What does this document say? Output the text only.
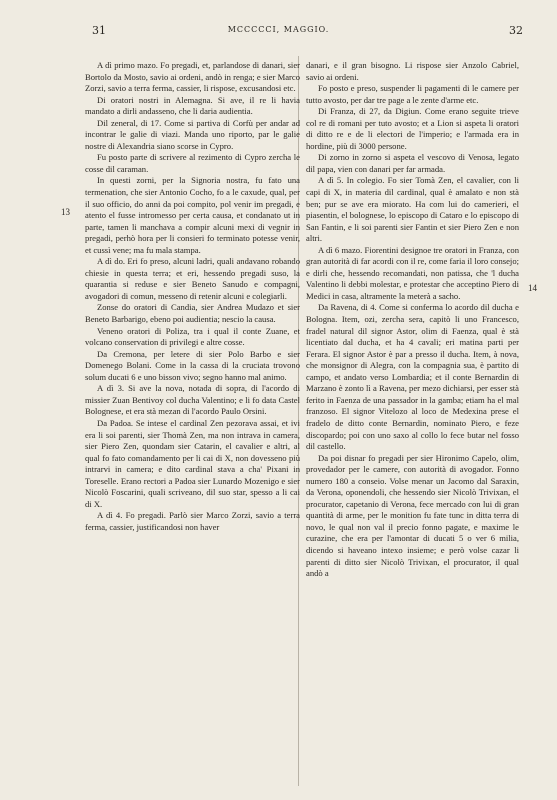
31	MCCCCCI, MAGGIO.	32
13
14

A dì primo mazo. Fo pregadi, et, parlandose di danari, sier Bortolo da Mosto, savio ai ordeni, andò in renga; e sier Marco Zorzi, savio a terra ferma, cassier, li rispose, excusandosi etc.

Di oratori nostri in Alemagna. Si ave, il re li havia mandato a dirli andasseno, che li daria audientia.

Dil zeneral, di 17. Come si partiva di Corfù per andar ad incontrar le galie di viazi. Manda uno riporto, par le galie nostre di Alexandria siano scorse in Cypro.

Fu posto parte di scrivere al rezimento di Cypro zercha le cosse dil caraman.

In questi zorni, per la Signoria nostra, fu fato una termenation, che sier Antonio Cocho, fo a le caxude, qual, per il suo officio, do anni da poi compito, pol venir im pregadi, e atento el fusse intromesso per certa causa, et condanato ut in parte, tamen li manchava a compir alcuni mexi di vegnir in pregadi, perhò hora per li consieri fo terminato potesse venir, et cussì vene; ma fu mala stampa.

A dì do. Eri fo preso, alcuni ladri, quali andavano robando chiesie in questa terra; et eri, hessendo pregadi suso, la quarantia si reduse e sier Beneto Sanudo e compagni, avogadori di comun, messeno di retenir alcuni e colegiarli.

Zonse do oratori di Candia, sier Andrea Mudazo et sier Beneto Barbarigo, ebeno poi audientia; nescio la causa.

Veneno oratori di Poliza, tra i qual il conte Zuane, et volcano conservation di privilegi e altre cosse.

Da Cremona, per letere di sier Polo Barbo e sier Domenego Bolani. Come in la cassa di la cruciata trovono solum ducati 6 e uno bisson vivo; segno hanno mal animo.

A dì 3. Si ave la nova, notada di sopra, di l'acordo di missier Zuan Bentivoy col ducha Valentino; e li fo data Castel Bolognese, et era stà mezan di l'acordo Paulo Orsini.

Da Padoa. Se intese el cardinal Zen pezorava assai, et ivi era li soi parenti, sier Thomà Zen, ma non intrava in camera, sier Piero Zen, quondam sier Catarin, el cavalier e altri, al qual fo fato comandamento per li cai di X, non dovesseno più intrarvi in camera; e dito cardinal stava a cha' Pixani in Toreselle. Erano rectori a Padoa sier Lunardo Mozenigo e sier Nicolò Foscarini, quali scriveano, dil suo star, spesso a li cai di X.

A dì 4. Fo pregadi. Parlò sier Marco Zorzi, savio a terra ferma, cassier, justificandosi non haver

danari, e il gran bisogno. Li rispose sier Anzolo Cabriel, savio ai ordeni.

Fo posto e preso, suspender li pagamenti di le camere per tutto avosto, per dar tre page a le zente d'arme etc.

Di Franza, di 27, da Digiun. Come erano seguite trieve col re di romani per tuto avosto; et a Lion si aspeta li oratori di ditto re e de li electori de l'imperio; e l'armada era in hordine, più di 3000 persone.

Di zorno in zorno si aspeta el vescovo di Venosa, legato dil papa, vien con danari per far armada.

A dì 5. In colegio. Fo sier Tomà Zen, el cavalier, con li capi di X, in materia dil cardinal, qual è amalato e non stà ben; pur se ave era miorato. Ha com lui do camerieri, el piasentin, el bolognese, lo episcopo di Cataro e lo episcopo di San Fantin, e li soi parenti sier Fantin et sier Piero Zen e non altri.

A dì 6 mazo. Fiorentini designoe tre oratori in Franza, con gran autorità di far acordi con il re, come faria il loro consejo; e dirli che, hessendo recomandati, non patissa, che 'l ducha Valentino li debbi molestar, e protestar che acceptino Piero di Medici in casa, altramente la meterà a sacho.

Da Ravena, di 4. Come si conferma lo acordo dil ducha e Bologna. Item, ozi, zercha sera, capitò li uno Francesco, fradel natural dil signor Astor, olim di Faenza, qual è stà licentiato dal ducha, et ha 4 cavali; eri matina parti per Ferara. El signor Astor è par a presso il ducha. Item, à nova, che monsignor di Alegra, con la compagnia sua, è partito di campo, et andato verso Lombardia; et il conte Bernardin di Marzano è zonto lì a Ravena, per mezo dichiarsi, per esser stà ferito in Faenza de una passador in la gamba; etiam ha el mal franzoso. El signor Vitelozo al loco de Medexina prese el fradelo de ditto conte Bernardin, nominato Piero, e feze discopardo; poi con uno saxo al collo lo fece butar nel fosso dil castello.

Da poi disnar fo pregadi per sier Hironimo Capelo, olim, provedador per le camere, con autorità di avogador. Fonno numero 180 a conseio. Volse menar un Jacomo dal Saraxin, da Verona, oponendoli, che hessendo sier Nicolò Trivixan, el procurator, capetanio di Verona, fece mercado con lui di gran quantità di arme, per le monition fu fate tunc in ditta terra di novo, le qual non val il precio fonno pagate, e maxime le curazine, che era per l'amontar di ducati 5 o ver 6 milia, dicendo si haveano intexo insieme; e però volse cazar li parenti di ditto sier Nicolò Trivixan, el procurator, il qual andò a
